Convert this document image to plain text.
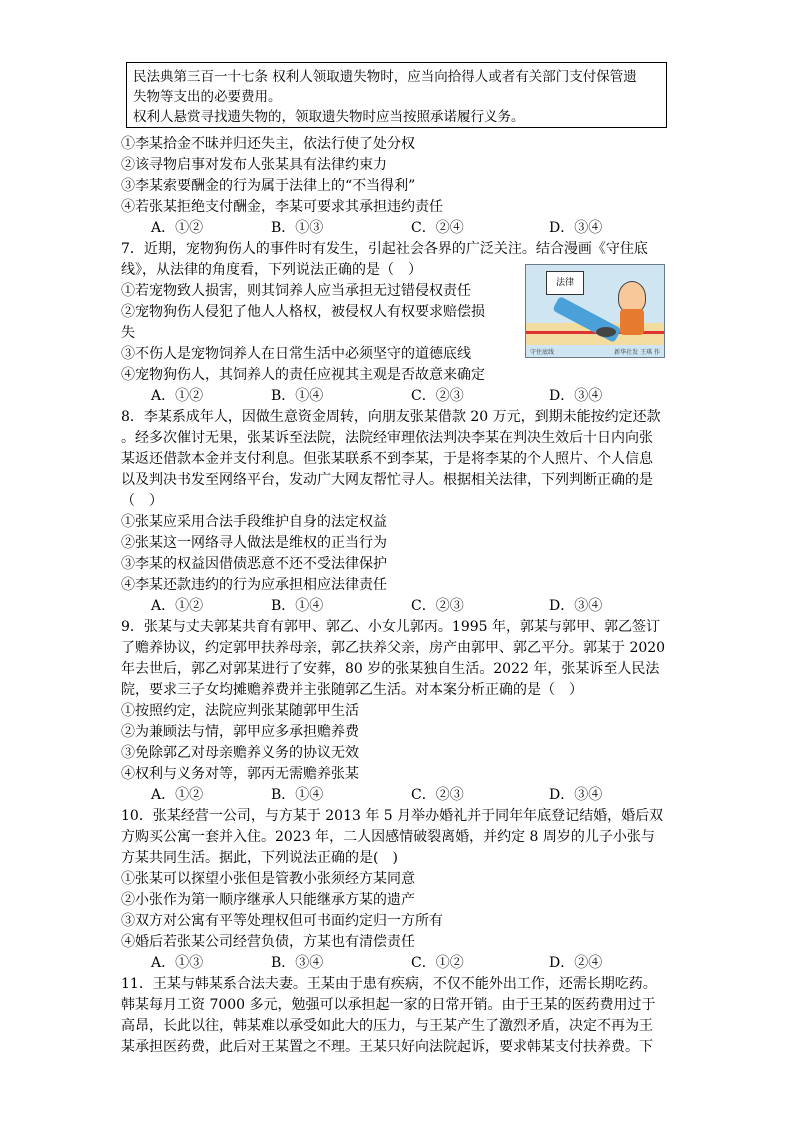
民法典第三百一十七条 权利人领取遗失物时，应当向拾得人或者有关部门支付保管遗
失物等支出的必要费用。
权利人悬赏寻找遗失物的，领取遗失物时应当按照承诺履行义务。
①李某拾金不昧并归还失主，依法行使了处分权
②该寻物启事对发布人张某具有法律约束力
③李某索要酬金的行为属于法律上的“不当得利”
④若张某拒绝支付酬金，李某可要求其承担违约责任
A．①②	B．①③	C．②④	D．③④
7．近期，宠物狗伤人的事件时有发生，引起社会各界的广泛关注。结合漫画《守住底
线》，从法律的角度看，下列说法正确的是（　）
①若宠物致人损害，则其饲养人应当承担无过错侵权责任
②宠物狗伤人侵犯了他人人格权，被侵权人有权要求赔偿损
失
③不伤人是宠物饲养人在日常生活中必须坚守的道德底线
④宠物狗伤人，其饲养人的责任应视其主观是否故意来确定
A．①②	B．①④	C．②③	D．③④
8．李某系成年人，因做生意资金周转，向朋友张某借款 20 万元，到期未能按约定还款
。经多次催讨无果，张某诉至法院，法院经审理依法判决李某在判决生效后十日内向张
某返还借款本金并支付利息。但张某联系不到李某，于是将李某的个人照片、个人信息
以及判决书发至网络平台，发动广大网友帮忙寻人。根据相关法律，下列判断正确的是
（　）
①张某应采用合法手段维护自身的法定权益
②张某这一网络寻人做法是维权的正当行为
③李某的权益因借债恶意不还不受法律保护
④李某还款违约的行为应承担相应法律责任
A．①②	B．①④	C．②③	D．③④
9．张某与丈夫郭某共育有郭甲、郭乙、小女儿郭丙。1995 年，郭某与郭甲、郭乙签订
了赡养协议，约定郭甲扶养母亲，郭乙扶养父亲，房产由郭甲、郭乙平分。郭某于 2020
年去世后，郭乙对郭某进行了安葬，80 岁的张某独自生活。2022 年，张某诉至人民法
院，要求三子女均摊赡养费并主张随郭乙生活。对本案分析正确的是（　）
①按照约定，法院应判张某随郭甲生活
②为兼顾法与情，郭甲应多承担赡养费
③免除郭乙对母亲赡养义务的协议无效
④权利与义务对等，郭丙无需赡养张某
A．①②	B．①④	C．②③	D．③④
10．张某经营一公司，与方某于 2013 年 5 月举办婚礼并于同年年底登记结婚，婚后双
方购买公寓一套并入住。2023 年，二人因感情破裂离婚，并约定 8 周岁的儿子小张与
方某共同生活。据此，下列说法正确的是(　)
①张某可以探望小张但是管教小张须经方某同意
②小张作为第一顺序继承人只能继承方某的遗产
③双方对公寓有平等处理权但可书面约定归一方所有
④婚后若张某公司经营负债，方某也有清偿责任
A．①③	B．③④	C．①②	D．②④
11．王某与韩某系合法夫妻。王某由于患有疾病，不仅不能外出工作，还需长期吃药。
韩某每月工资 7000 多元，勉强可以承担起一家的日常开销。由于王某的医药费用过于
高昂，长此以往，韩某难以承受如此大的压力，与王某产生了激烈矛盾，决定不再为王
某承担医药费，此后对王某置之不理。王某只好向法院起诉，要求韩某支付扶养费。下
法律
守住底线	新华社发 王琪 作
